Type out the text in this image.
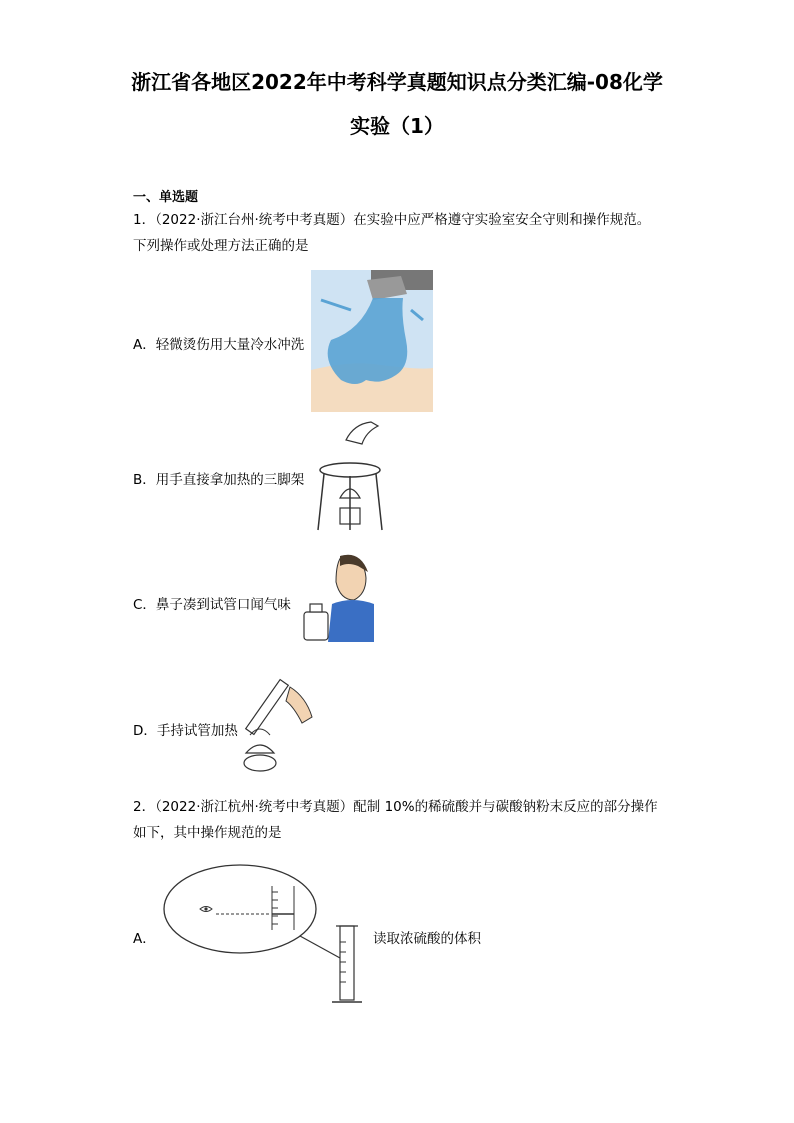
浙江省各地区2022年中考科学真题知识点分类汇编-08化学
实验（1）
一、单选题
1．（2022·浙江台州·统考中考真题）在实验中应严格遵守实验室安全守则和操作规范。
下列操作或处理方法正确的是
A．轻微烫伤用大量冷水冲洗
B．用手直接拿加热的三脚架
C．鼻子凑到试管口闻气味
D．手持试管加热
2．（2022·浙江杭州·统考中考真题）配制 10%的稀硫酸并与碳酸钠粉末反应的部分操作
如下，其中操作规范的是
A．	读取浓硫酸的体积
